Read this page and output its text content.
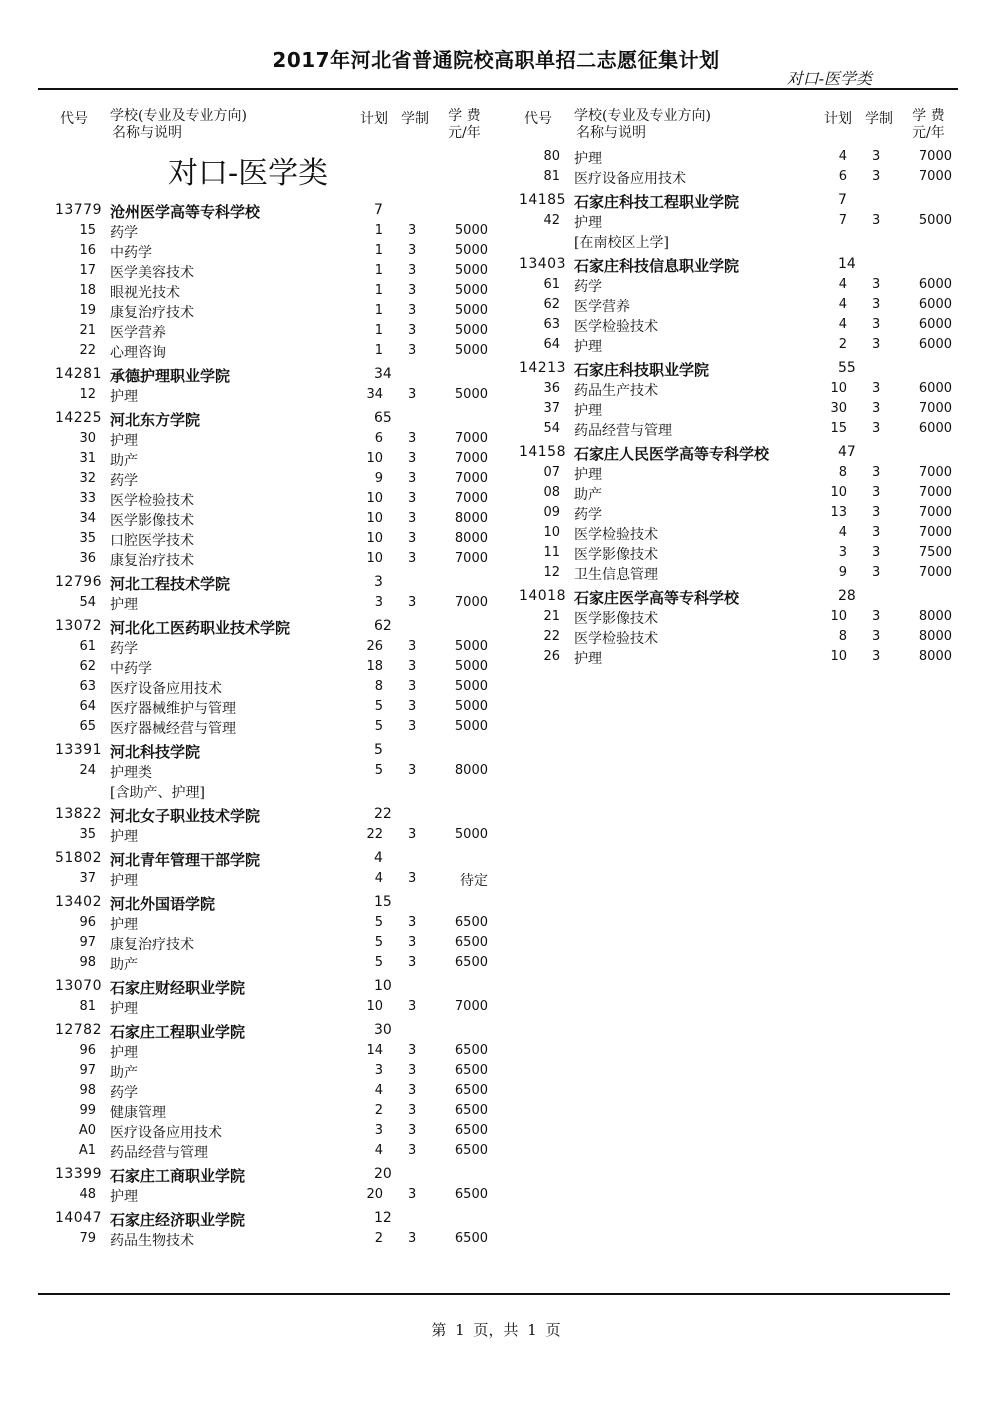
2017年河北省普通院校高职单招二志愿征集计划
对口-医学类
代号 学校(专业及专业方向)
名称与说明
计划 学制 学 费
元/年
对口-医学类
13779 沧州医学高等专科学校	7
15 药学	1 3	5000
16 中药学	1 3	5000
17 医学美容技术	1 3	5000
18 眼视光技术	1 3	5000
19 康复治疗技术	1 3	5000
21 医学营养	1 3	5000
22 心理咨询	1 3	5000
14281 承德护理职业学院	34
12 护理	34 3	5000
14225 河北东方学院	65
30 护理	6 3	7000
31 助产	10 3	7000
32 药学	9 3	7000
33 医学检验技术	10 3	7000
34 医学影像技术	10 3	8000
35 口腔医学技术	10 3	8000
36 康复治疗技术	10 3	7000
12796 河北工程技术学院	3
54 护理	3 3	7000
13072 河北化工医药职业技术学院	62
61 药学	26 3	5000
62 中药学	18 3	5000
63 医疗设备应用技术	8 3	5000
64 医疗器械维护与管理	5 3	5000
65 医疗器械经营与管理	5 3	5000
13391 河北科技学院	5
24 护理类	5 3	8000
[含助产、护理]
13822 河北女子职业技术学院	22
35 护理	22 3	5000
51802 河北青年管理干部学院	4
37 护理	4 3	待定
13402 河北外国语学院	15
96 护理	5 3	6500
97 康复治疗技术	5 3	6500
98 助产	5 3	6500
13070 石家庄财经职业学院	10
81 护理	10 3	7000
12782 石家庄工程职业学院	30
96 护理	14 3	6500
97 助产	3 3	6500
98 药学	4 3	6500
99 健康管理	2 3	6500
A0 医疗设备应用技术	3 3	6500
A1 药品经营与管理	4 3	6500
13399 石家庄工商职业学院	20
48 护理	20 3	6500
14047 石家庄经济职业学院	12
79 药品生物技术	2 3	6500
代号 学校(专业及专业方向)
名称与说明
计划 学制 学 费
元/年
80 护理	4 3	7000
81 医疗设备应用技术	6 3	7000
14185 石家庄科技工程职业学院	7
42 护理	7 3	5000
[在南校区上学]
13403 石家庄科技信息职业学院	14
61 药学	4 3	6000
62 医学营养	4 3	6000
63 医学检验技术	4 3	6000
64 护理	2 3	6000
14213 石家庄科技职业学院	55
36 药品生产技术	10 3	6000
37 护理	30 3	7000
54 药品经营与管理	15 3	6000
14158 石家庄人民医学高等专科学校	47
07 护理	8 3	7000
08 助产	10 3	7000
09 药学	13 3	7000
10 医学检验技术	4 3	7000
11 医学影像技术	3 3	7500
12 卫生信息管理	9 3	7000
14018 石家庄医学高等专科学校	28
21 医学影像技术	10 3	8000
22 医学检验技术	8 3	8000
26 护理	10 3	8000
第 1 页，共 1 页
